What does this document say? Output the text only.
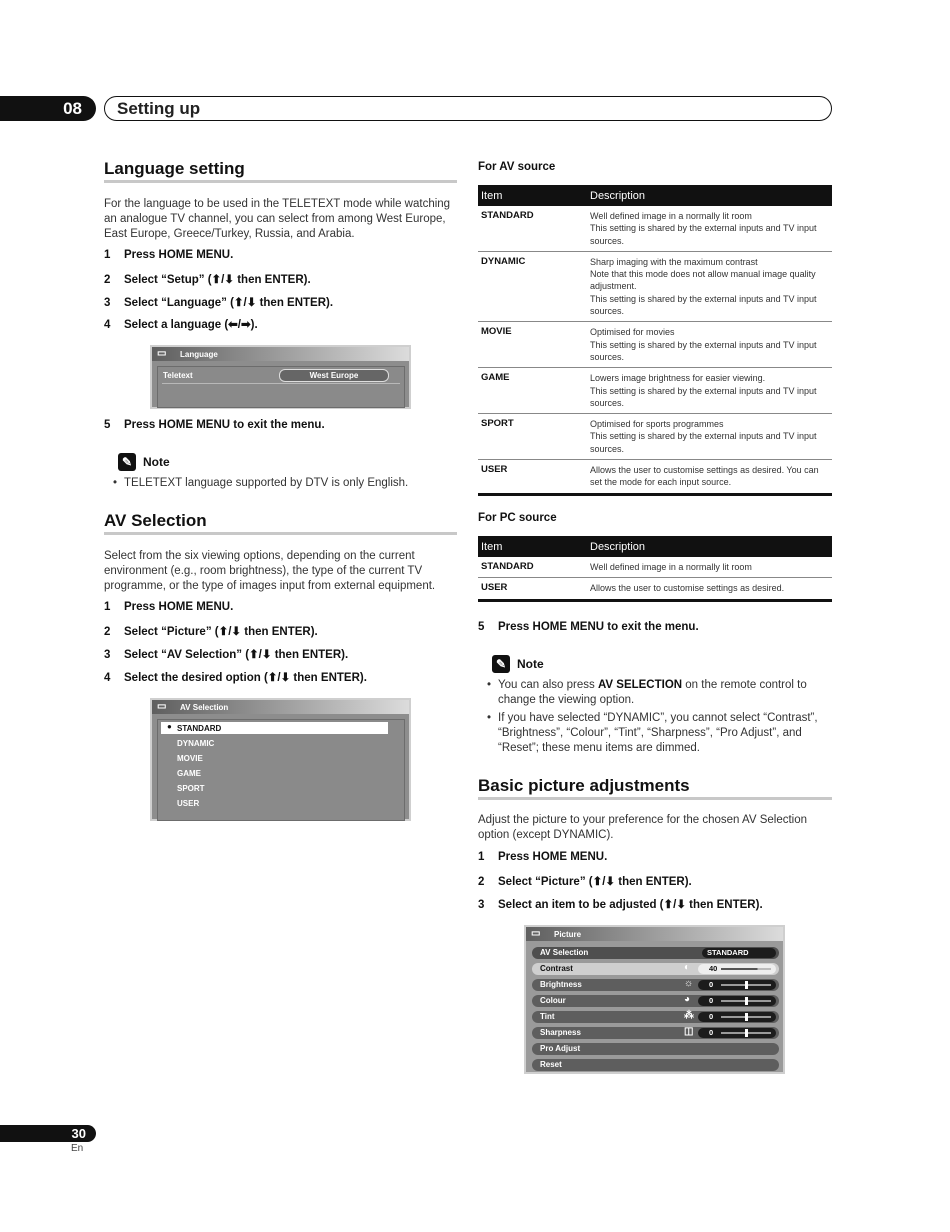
08	Setting up
Language setting

For the language to be used in the TELETEXT mode while watching an analogue TV channel, you can select from among West Europe, East Europe, Greece/Turkey, Russia, and Arabia.

1 Press HOME MENU.
2 Select “Setup” (⬆/⬇ then ENTER).
3 Select “Language” (⬆/⬇ then ENTER).
4 Select a language (⬅/➡).
▭	Language
Teletext	West Europe
5 Press HOME MENU to exit the menu.
✎ Note
• TELETEXT language supported by DTV is only English.
AV Selection

Select from the six viewing options, depending on the current environment (e.g., room brightness), the type of the current TV programme, or the type of images input from external equipment.

1 Press HOME MENU.
2 Select “Picture” (⬆/⬇ then ENTER).
3 Select “AV Selection” (⬆/⬇ then ENTER).
4 Select the desired option (⬆/⬇ then ENTER).
▭	AV Selection
● STANDARD
DYNAMIC
MOVIE
GAME
SPORT
USER
For AV source
Item	Description
STANDARD	Well defined image in a normally lit room
This setting is shared by the external inputs and TV input sources.

DYNAMIC	Sharp imaging with the maximum contrast
Note that this mode does not allow manual image quality adjustment.
This setting is shared by the external inputs and TV input sources.

MOVIE	Optimised for movies
This setting is shared by the external inputs and TV input sources.

GAME	Lowers image brightness for easier viewing.
This setting is shared by the external inputs and TV input sources.

SPORT	Optimised for sports programmes
This setting is shared by the external inputs and TV input sources.

USER	Allows the user to customise settings as desired. You can set the mode for each input source.
For PC source
Item	Description
STANDARD	Well defined image in a normally lit room

USER	Allows the user to customise settings as desired.
5 Press HOME MENU to exit the menu.
✎ Note
• You can also press AV SELECTION on the remote control to change the viewing option.
• If you have selected “DYNAMIC”, you cannot select “Contrast”, “Brightness”, “Colour”, “Tint”, “Sharpness”, “Pro Adjust”, and “Reset”; these menu items are dimmed.
Basic picture adjustments

Adjust the picture to your preference for the chosen AV Selection option (except DYNAMIC).

1 Press HOME MENU.
2 Select “Picture” (⬆/⬇ then ENTER).
3 Select an item to be adjusted (⬆/⬇ then ENTER).
▭	Picture
AV Selection	STANDARD
Contrast	◐	40
Brightness	☼ 0
Colour	◕	0
Tint	⁂ 0
Sharpness	◫ 0
Pro Adjust
Reset
30
En
